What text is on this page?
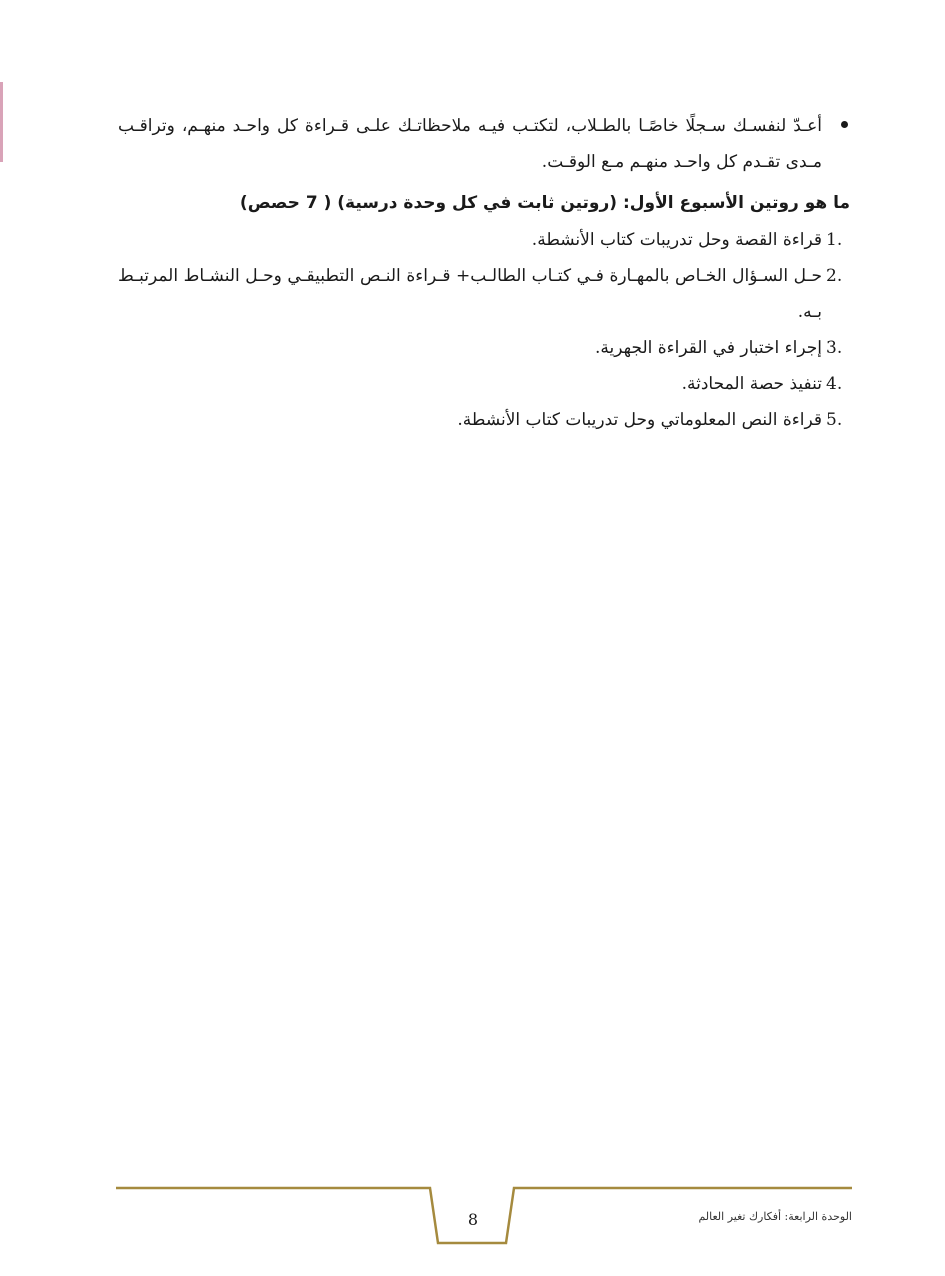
أعـدّ لنفسـك سـجلًا خاصًـا بالطـلاب، لتكتـب فيـه ملاحظاتـك علـى قـراءة كل واحـد منهـم، وتراقـب مـدى تقـدم كل واحـد منهـم مـع الوقـت.

ما هو روتين الأسبوع الأول: (روتين ثابت في كل وحدة درسية) ( 7 حصص)
1.
قراءة القصة وحل تدريبات كتاب الأنشطة.
2.
حـل السـؤال الخـاص بالمهـارة فـي كتـاب الطالـب+ قـراءة النـص التطبيقـي وحـل النشـاط المرتبـط بـه.
3.
إجراء اختبار في القراءة الجهرية.
4.
تنفيذ حصة المحادثة.
5.
قراءة النص المعلوماتي وحل تدريبات كتاب الأنشطة.
8	الوحدة الرابعة: أفكارك تغير العالم
